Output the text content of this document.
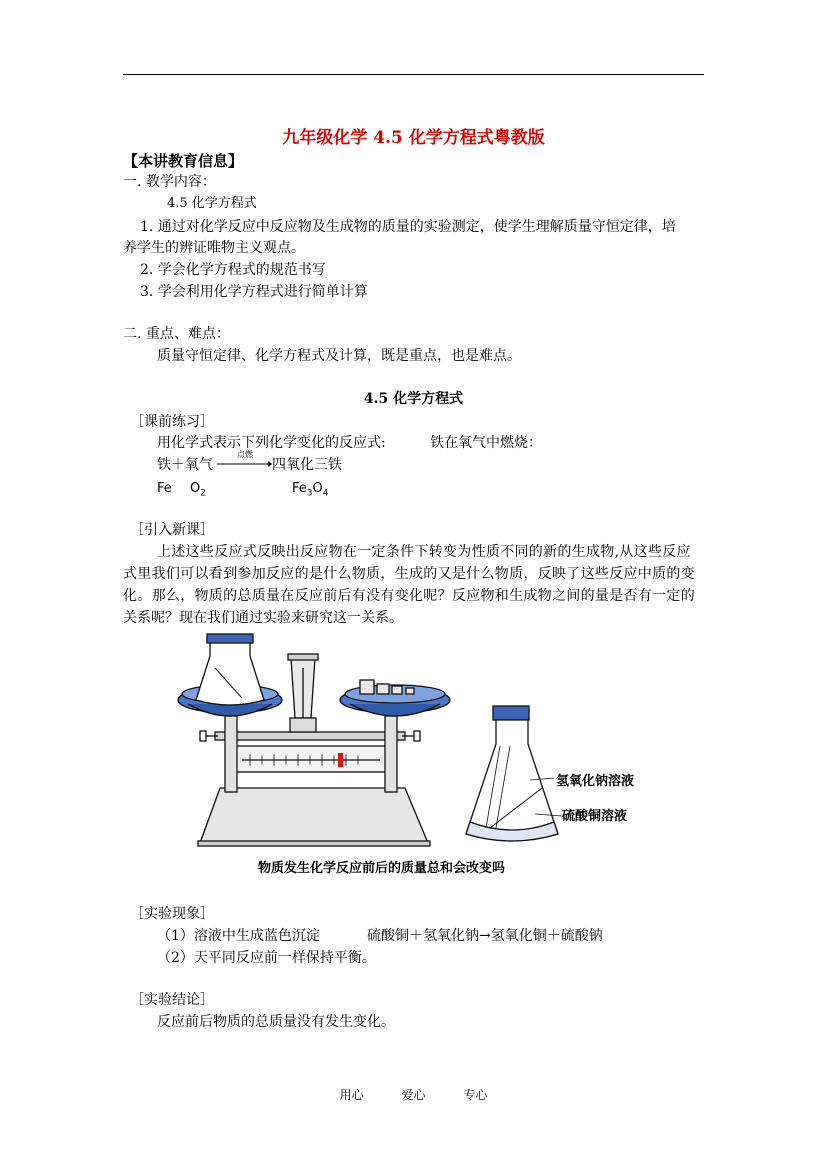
九年级化学 4.5 化学方程式粤教版
【本讲教育信息】
一. 教学内容：
4.5 化学方程式
1. 通过对化学反应中反应物及生成物的质量的实验测定，使学生理解质量守恒定律，培
养学生的辨证唯物主义观点。
2. 学会化学方程式的规范书写
3. 学会利用化学方程式进行简单计算
二. 重点、难点：
质量守恒定律、化学方程式及计算，既是重点，也是难点。
4.5 化学方程式
［课前练习］
用化学式表示下列化学变化的反应式:	铁在氧气中燃烧：
铁＋氧气
点燃
→ 四氧化三铁
Fe $O_2$	$Fe_3O_4$
［引入新课］
上述这些反应式反映出反应物在一定条件下转变为性质不同的新的生成物,从这些反应
式里我们可以看到参加反应的是什么物质，生成的又是什么物质，反映了这些反应中质的变
化。那么，物质的总质量在反应前后有没有变化呢？反应物和生成物之间的量是否有一定的
关系呢？现在我们通过实验来研究这一关系。
氢氧化钠溶液
硫酸铜溶液
物质发生化学反应前后的质量总和会改变吗
［实验现象］
（1）溶液中生成蓝色沉淀	硫酸铜＋氢氧化钠→氢氧化铜＋硫酸钠
（2）天平同反应前一样保持平衡。
［实验结论］
反应前后物质的总质量没有发生变化。
用心	爱心	专心
